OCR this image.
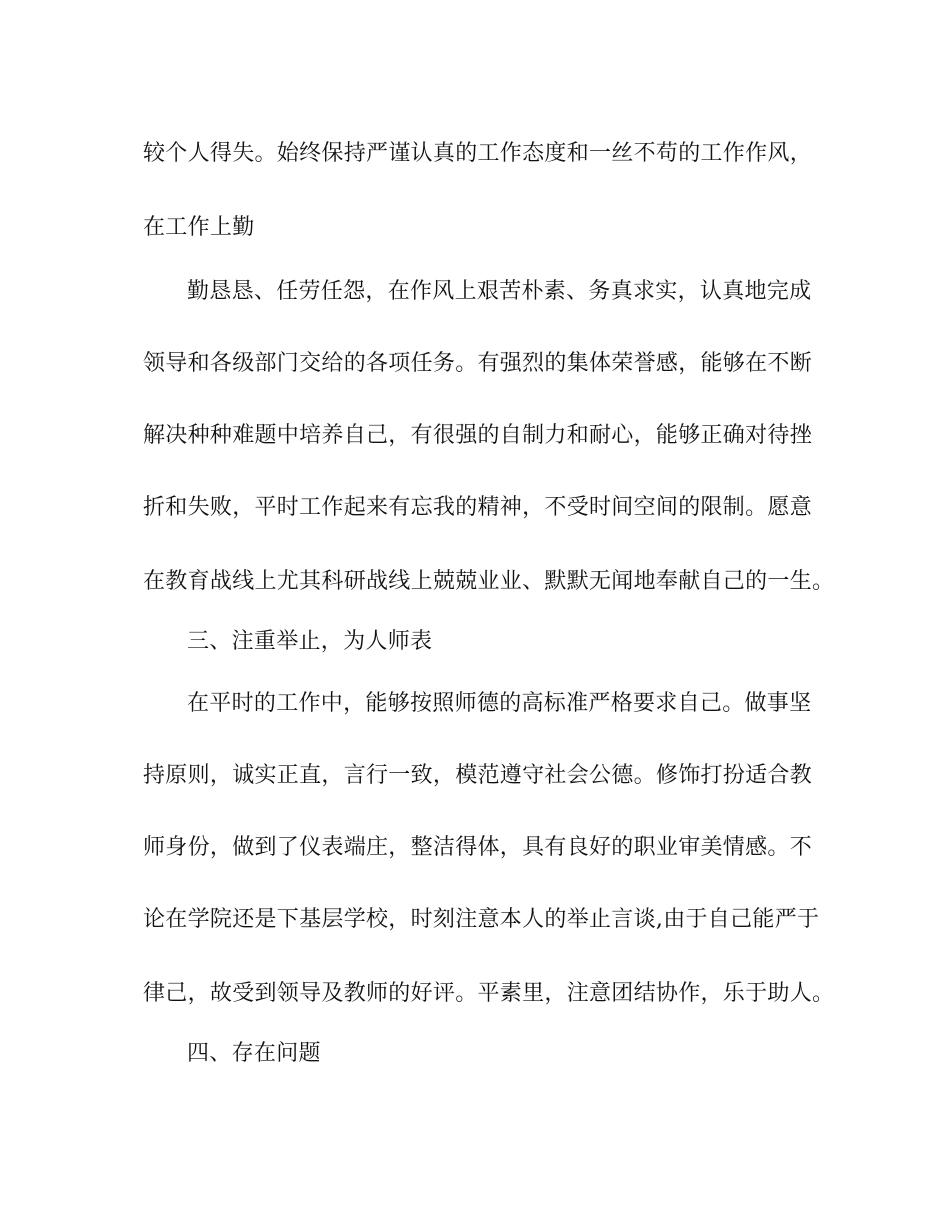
较个人得失。始终保持严谨认真的工作态度和一丝不苟的工作作风，

在工作上勤

勤恳恳、任劳任怨，在作风上艰苦朴素、务真求实，认真地完成

领导和各级部门交给的各项任务。有强烈的集体荣誉感，能够在不断

解决种种难题中培养自己，有很强的自制力和耐心，能够正确对待挫

折和失败，平时工作起来有忘我的精神，不受时间空间的限制。愿意

在教育战线上尤其科研战线上兢兢业业、默默无闻地奉献自己的一生。

三、注重举止，为人师表

在平时的工作中，能够按照师德的高标准严格要求自己。做事坚

持原则，诚实正直，言行一致，模范遵守社会公德。修饰打扮适合教

师身份，做到了仪表端庄，整洁得体，具有良好的职业审美情感。不

论在学院还是下基层学校，时刻注意本人的举止言谈,由于自己能严于

律己，故受到领导及教师的好评。平素里，注意团结协作，乐于助人。

四、存在问题
